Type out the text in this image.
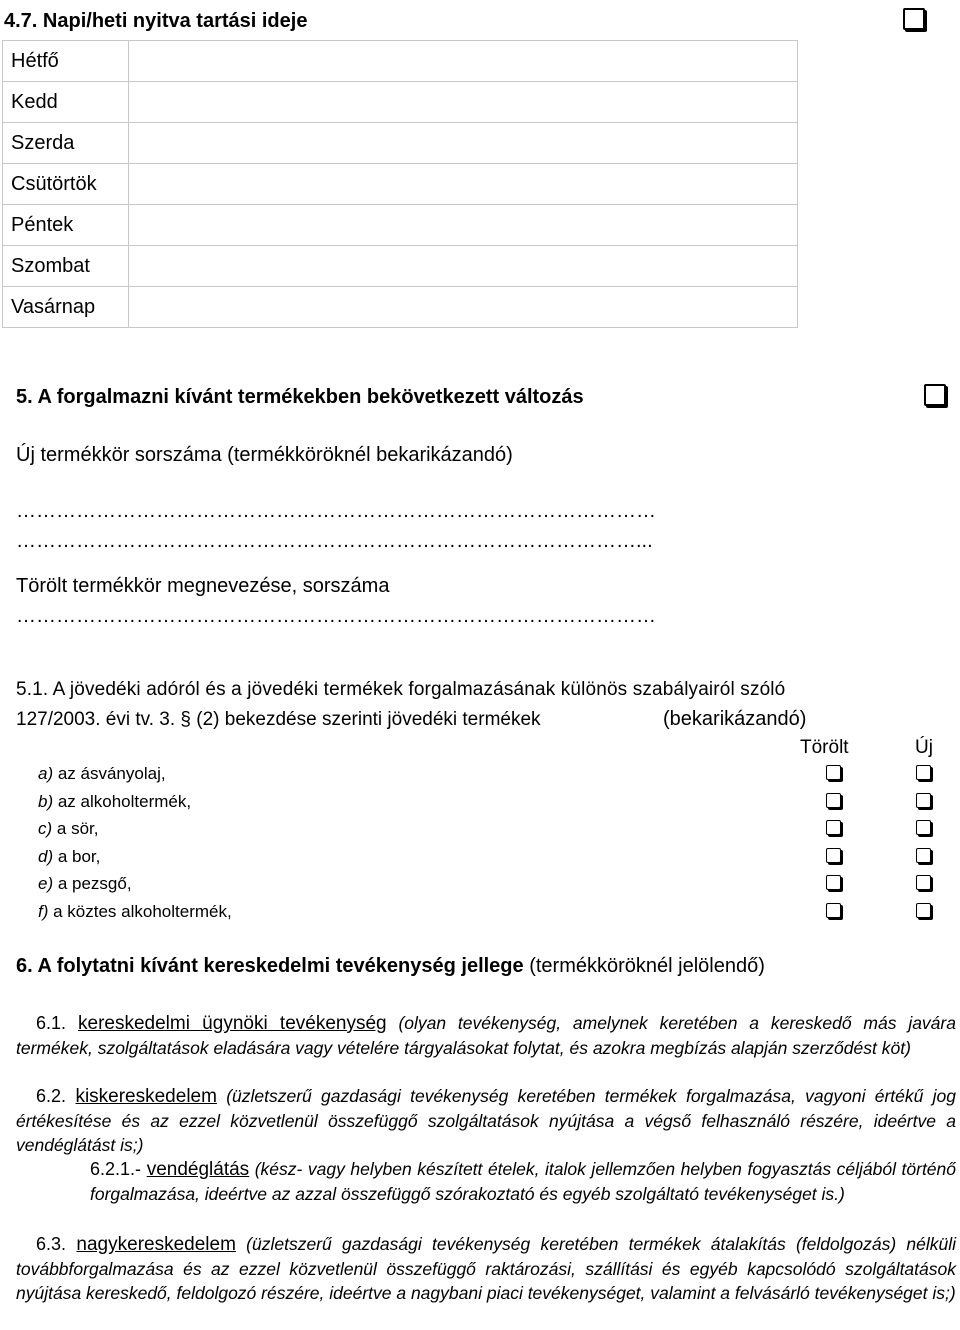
4.7. Napi/heti nyitva tartási ideje
Hétfő	
Kedd	
Szerda	
Csütörtök	
Péntek	
Szombat	
Vasárnap	
5. A forgalmazni kívánt termékekben bekövetkezett változás
Új termékkör sorszáma (termékköröknél bekarikázandó)
……………………………………………………………………………………
…………………………………………………………………………………...
Törölt termékkör megnevezése, sorszáma
……………………………………………………………………………………
5.1. A jövedéki adóról és a jövedéki termékek forgalmazásának különös szabályairól szóló
127/2003. évi tv. 3. § (2) bekezdése szerinti jövedéki termékek	(bekarikázandó)
Törölt	Új
a) az ásványolaj,
b) az alkoholtermék,
c) a sör,
d) a bor,
e) a pezsgő,
f) a köztes alkoholtermék,
6. A folytatni kívánt kereskedelmi tevékenység jellege (termékköröknél jelölendő)
6.1. kereskedelmi ügynöki tevékenység (olyan tevékenység, amelynek keretében a kereskedő más javára termékek, szolgáltatások eladására vagy vételére tárgyalásokat folytat, és azokra megbízás alapján szerződést köt)
6.2. kiskereskedelem (üzletszerű gazdasági tevékenység keretében termékek forgalmazása, vagyoni értékű jog értékesítése és az ezzel közvetlenül összefüggő szolgáltatások nyújtása a végső felhasználó részére, ideértve a vendéglátást is;)
6.2.1.- vendéglátás (kész- vagy helyben készített ételek, italok jellemzően helyben fogyasztás céljából történő forgalmazása, ideértve az azzal összefüggő szórakoztató és egyéb szolgáltató tevékenységet is.)
6.3. nagykereskedelem (üzletszerű gazdasági tevékenység keretében termékek átalakítás (feldolgozás) nélküli továbbforgalmazása és az ezzel közvetlenül összefüggő raktározási, szállítási és egyéb kapcsolódó szolgáltatások nyújtása kereskedő, feldolgozó részére, ideértve a nagybani piaci tevékenységet, valamint a felvásárló tevékenységet is;)
